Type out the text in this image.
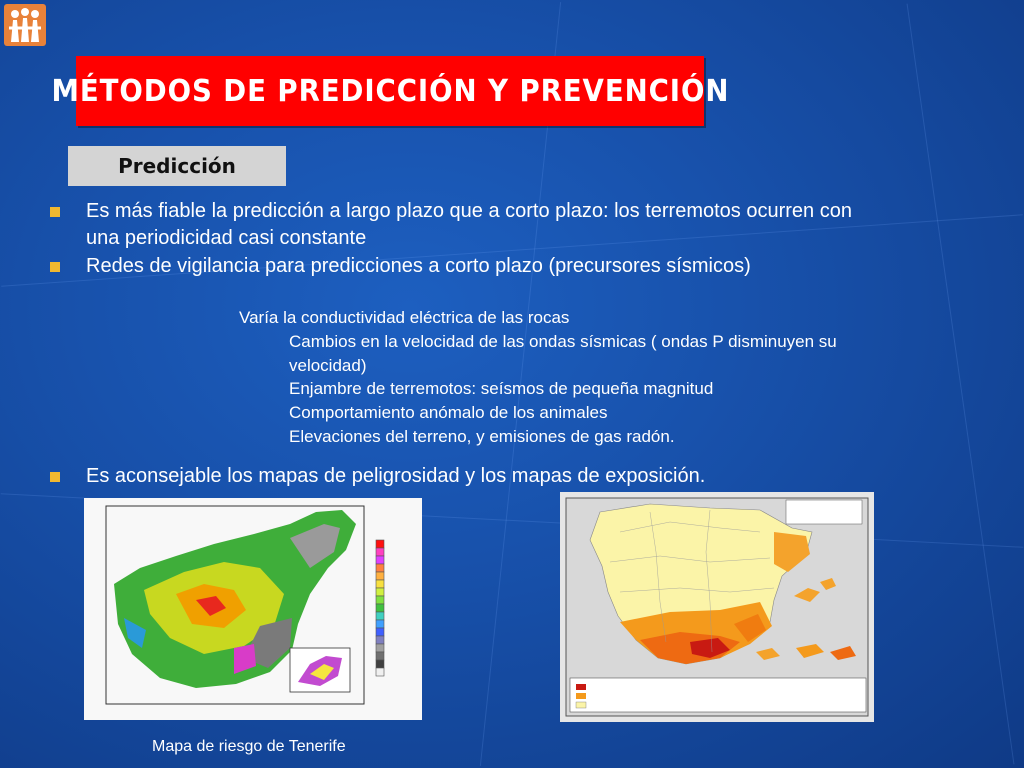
MÉTODOS DE PREDICCIÓN Y PREVENCIÓN
Predicción
Es más fiable la predicción a largo plazo que a corto plazo: los terremotos ocurren con
una periodicidad casi constante
Redes de vigilancia para predicciones a corto plazo (precursores sísmicos)
Varía la conductividad eléctrica de las rocas
Cambios en la velocidad de las ondas sísmicas ( ondas P disminuyen su
velocidad)
Enjambre de terremotos: seísmos de pequeña magnitud
Comportamiento anómalo de los animales
Elevaciones del terreno, y emisiones de gas radón.
Es aconsejable los mapas de peligrosidad y los mapas de exposición.
Mapa de riesgo de Tenerife
